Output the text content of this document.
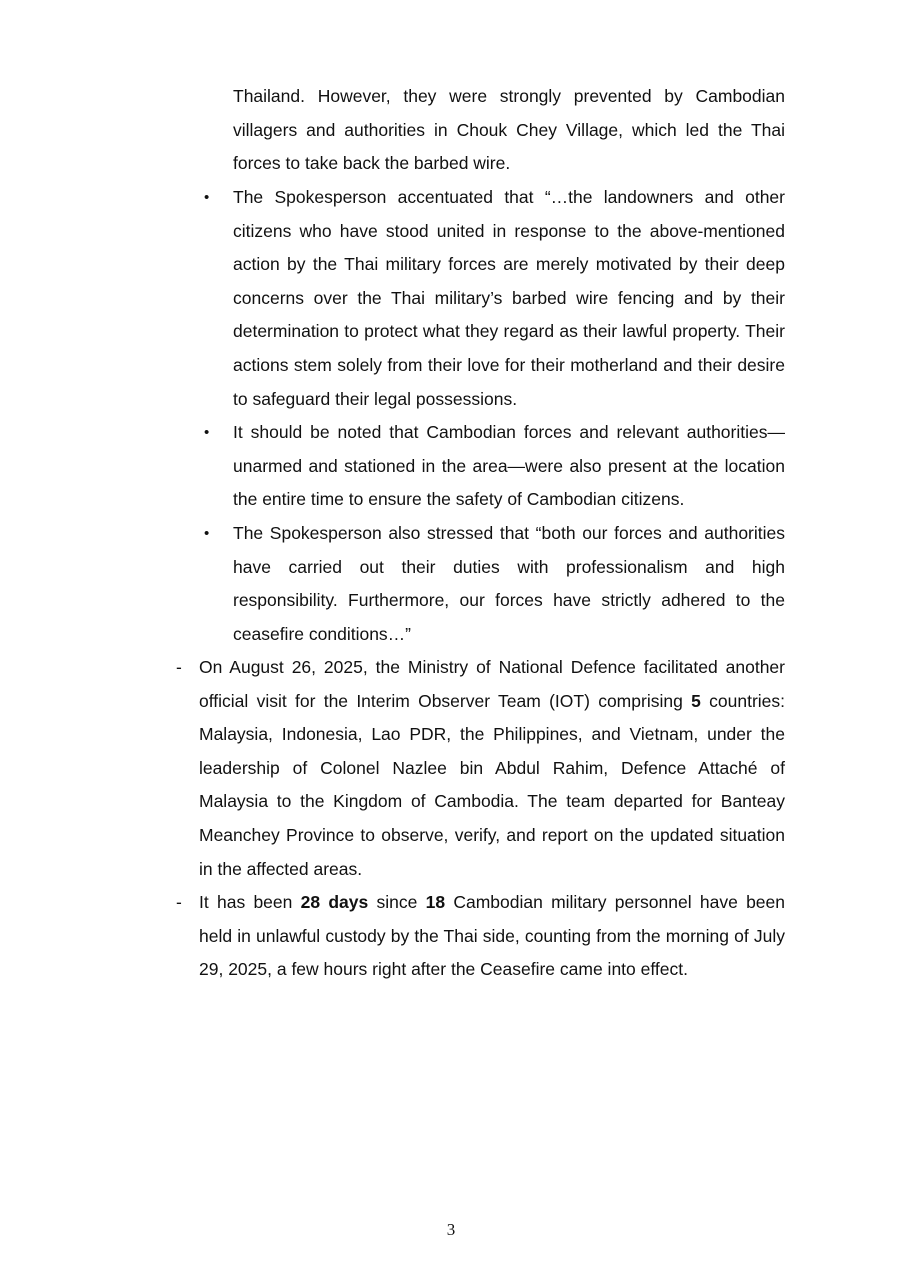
Thailand. However, they were strongly prevented by Cambodian villagers and authorities in Chouk Chey Village, which led the Thai forces to take back the barbed wire.

• The Spokesperson accentuated that “…the landowners and other citizens who have stood united in response to the above-mentioned action by the Thai military forces are merely motivated by their deep concerns over the Thai military’s barbed wire fencing and by their determination to protect what they regard as their lawful property. Their actions stem solely from their love for their motherland and their desire to safeguard their legal possessions.
• It should be noted that Cambodian forces and relevant authorities—unarmed and stationed in the area—were also present at the location the entire time to ensure the safety of Cambodian citizens.
• The Spokesperson also stressed that “both our forces and authorities have carried out their duties with professionalism and high responsibility. Furthermore, our forces have strictly adhered to the ceasefire conditions…”
- On August 26, 2025, the Ministry of National Defence facilitated another official visit for the Interim Observer Team (IOT) comprising 5 countries: Malaysia, Indonesia, Lao PDR, the Philippines, and Vietnam, under the leadership of Colonel Nazlee bin Abdul Rahim, Defence Attaché of Malaysia to the Kingdom of Cambodia. The team departed for Banteay Meanchey Province to observe, verify, and report on the updated situation in the affected areas.
- It has been 28 days since 18 Cambodian military personnel have been held in unlawful custody by the Thai side, counting from the morning of July 29, 2025, a few hours right after the Ceasefire came into effect.
3
